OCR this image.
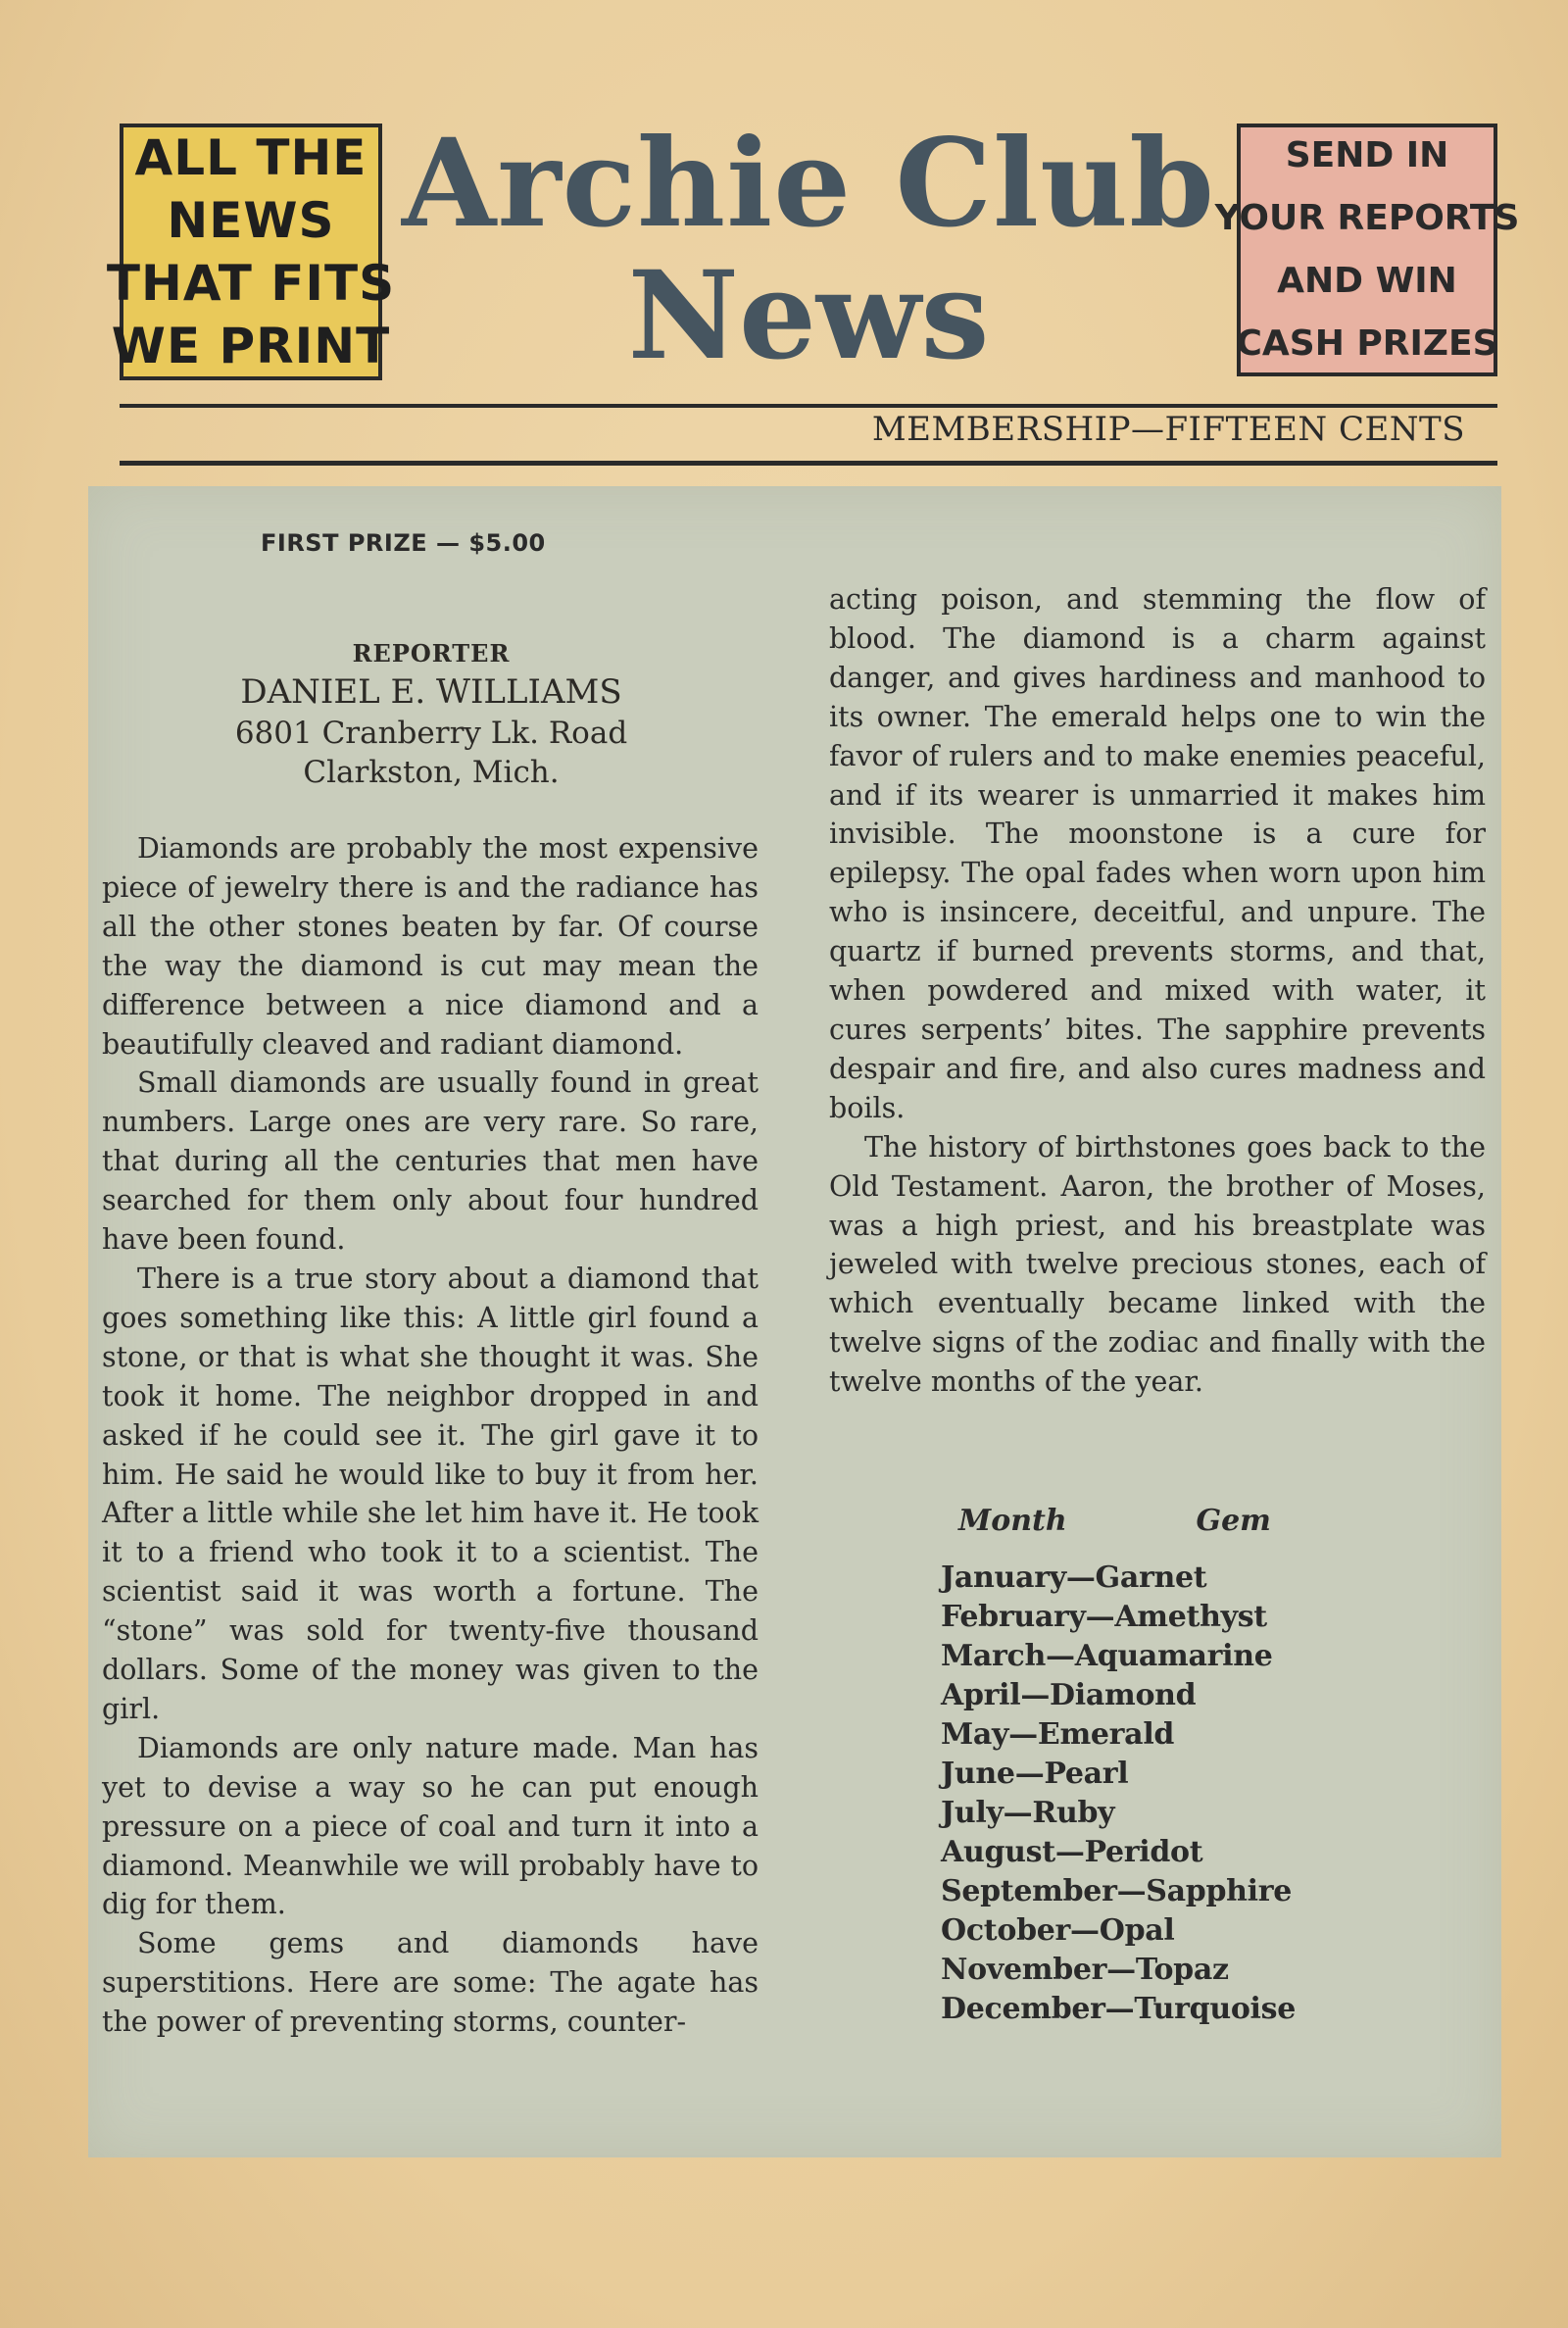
ALL THE
NEWS
THAT FITS
WE PRINT
Archie Club
News
SEND IN
YOUR REPORTS
AND WIN
CASH PRIZES
MEMBERSHIP—FIFTEEN CENTS
FIRST PRIZE — $5.00
REPORTER
DANIEL E. WILLIAMS
6801 Cranberry Lk. Road
Clarkston, Mich.

Diamonds are probably the most expensive piece of jewelry there is and the radiance has all the other stones beaten by far. Of course the way the diamond is cut may mean the difference between a nice diamond and a beautifully cleaved and radiant diamond.

Small diamonds are usually found in great numbers. Large ones are very rare. So rare, that during all the centuries that men have searched for them only about four hundred have been found.

There is a true story about a diamond that goes something like this: A little girl found a stone, or that is what she thought it was. She took it home. The neighbor dropped in and asked if he could see it. The girl gave it to him. He said he would like to buy it from her. After a little while she let him have it. He took it to a friend who took it to a scientist. The scientist said it was worth a fortune. The “stone” was sold for twenty-five thousand dollars. Some of the money was given to the girl.

Diamonds are only nature made. Man has yet to devise a way so he can put enough pressure on a piece of coal and turn it into a diamond. Meanwhile we will probably have to dig for them.

Some gems and diamonds have superstitions. Here are some: The agate has the power of preventing storms, counter-

acting poison, and stemming the flow of blood. The diamond is a charm against danger, and gives hardiness and manhood to its owner. The emerald helps one to win the favor of rulers and to make enemies peaceful, and if its wearer is unmarried it makes him invisible. The moonstone is a cure for epilepsy. The opal fades when worn upon him who is insincere, deceitful, and unpure. The quartz if burned prevents storms, and that, when powdered and mixed with water, it cures serpents’ bites. The sapphire prevents despair and fire, and also cures madness and boils.

The history of birthstones goes back to the Old Testament. Aaron, the brother of Moses, was a high priest, and his breastplate was jeweled with twelve precious stones, each of which eventually became linked with the twelve signs of the zodiac and finally with the twelve months of the year.

Month	Gem
January—Garnet
February—Amethyst
March—Aquamarine
April—Diamond
May—Emerald
June—Pearl
July—Ruby
August—Peridot
September—Sapphire
October—Opal
November—Topaz
December—Turquoise
